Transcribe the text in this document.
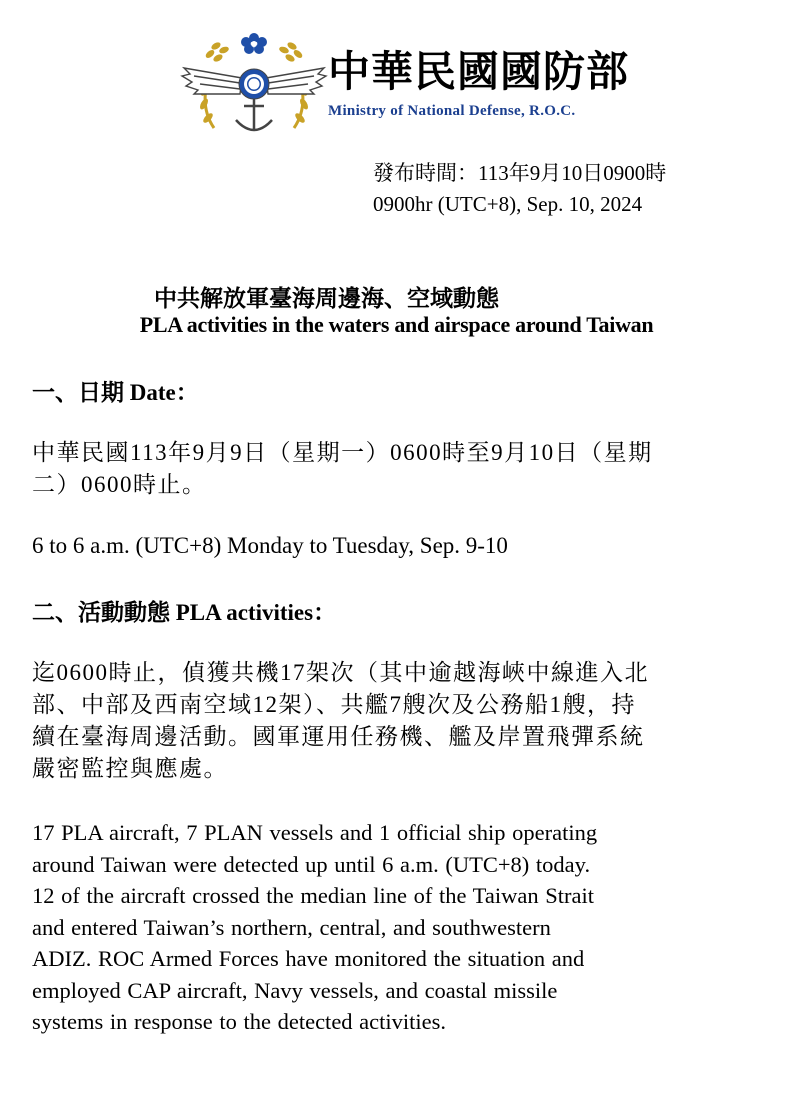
中華民國國防部
Ministry of National Defense, R.O.C.
發布時間：113年9月10日0900時
0900hr (UTC+8), Sep. 10, 2024
中共解放軍臺海周邊海、空域動態
PLA activities in the waters and airspace around Taiwan
一、日期 Date：
中華民國113年9月9日（星期一）0600時至9月10日（星期
二）0600時止。
6 to 6 a.m. (UTC+8) Monday to Tuesday, Sep. 9-10
二、活動動態 PLA activities：
迄0600時止，偵獲共機17架次（其中逾越海峽中線進入北
部、中部及西南空域12架）、共艦7艘次及公務船1艘，持
續在臺海周邊活動。國軍運用任務機、艦及岸置飛彈系統
嚴密監控與應處。
17 PLA aircraft, 7 PLAN vessels and 1 official ship operating
around Taiwan were detected up until 6 a.m. (UTC+8) today.
12 of the aircraft crossed the median line of the Taiwan Strait
and entered Taiwan’s northern, central, and southwestern
ADIZ. ROC Armed Forces have monitored the situation and
employed CAP aircraft, Navy vessels, and coastal missile
systems in response to the detected activities.
